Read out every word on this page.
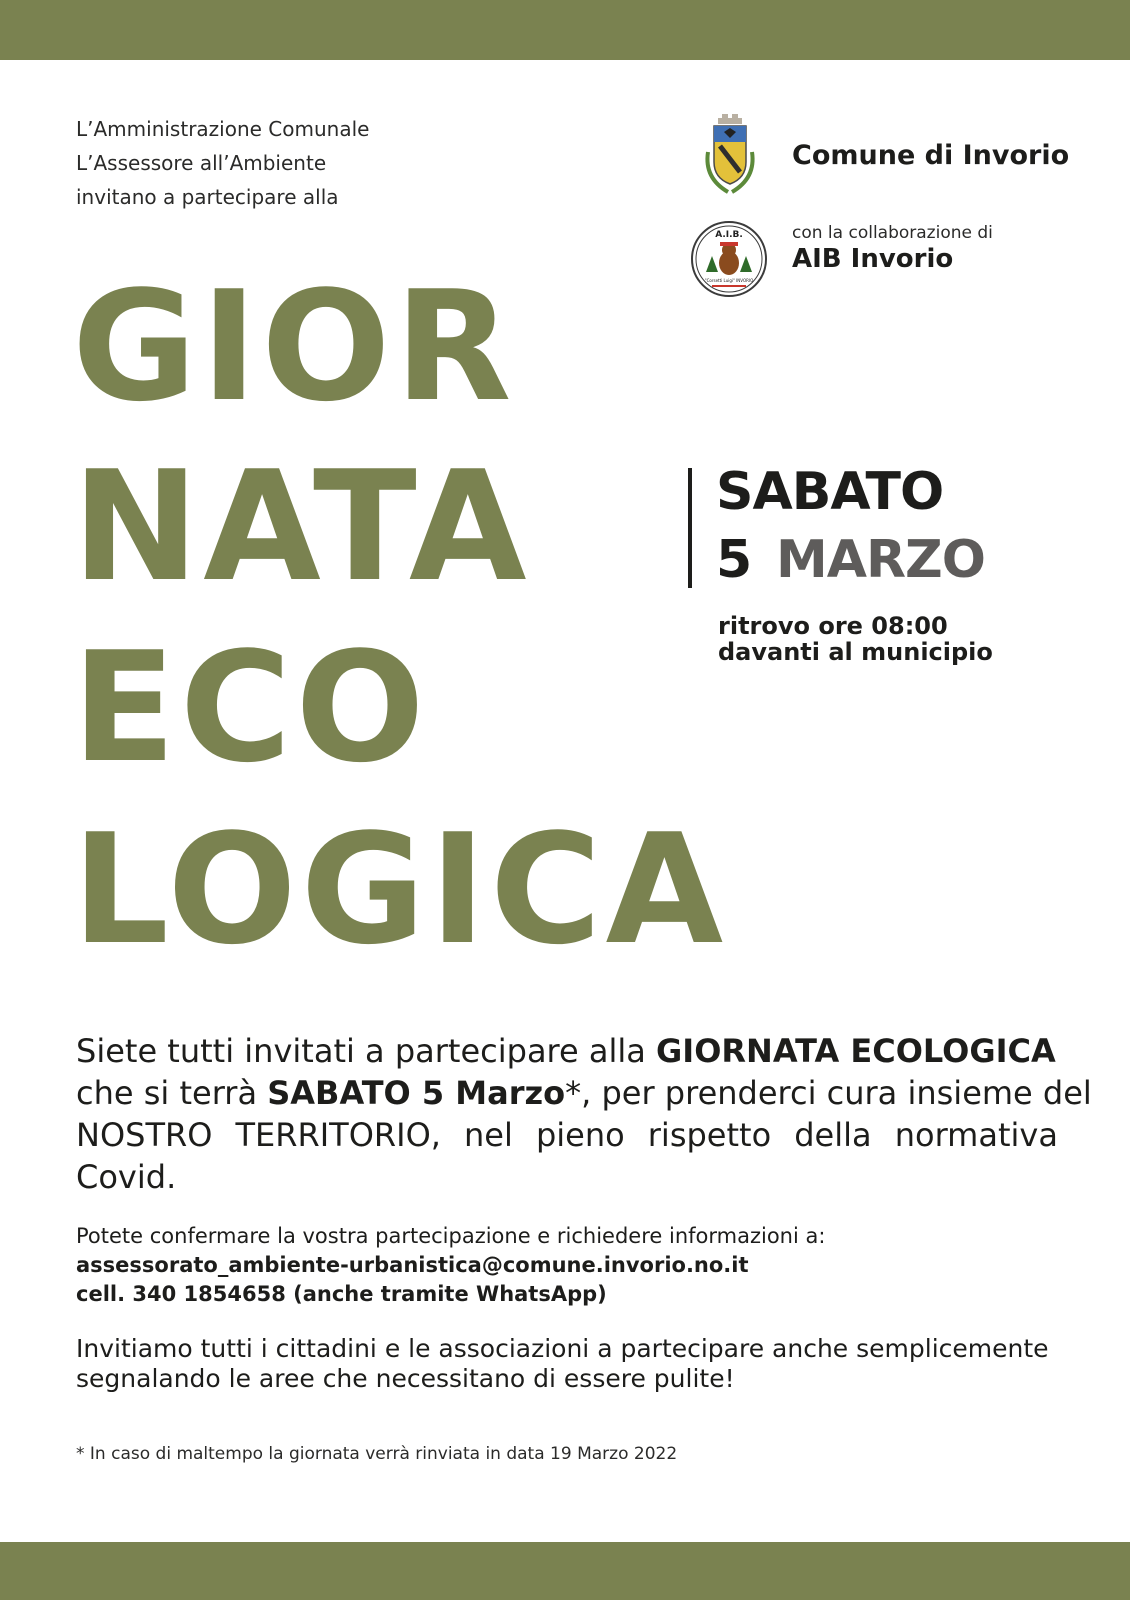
L’Amministrazione Comunale
L’Assessore all’Ambiente
invitano a partecipare alla
Comune di Invorio
A.I.B.
"Corsetti Luigi" INVORIO
con la collaborazione di
AIB Invorio
GIOR
NATA
ECO
LOGICA
SABATO
5 MARZO
ritrovo ore 08:00
davanti al municipio
Siete tutti invitati a partecipare alla GIORNATA ECOLOGICA
che si terrà SABATO 5 Marzo*, per prenderci cura insieme del
NOSTRO TERRITORIO, nel pieno rispetto della normativa
Covid.
Potete confermare la vostra partecipazione e richiedere informazioni a:
assessorato_ambiente-urbanistica@comune.invorio.no.it
cell. 340 1854658 (anche tramite WhatsApp)
Invitiamo tutti i cittadini e le associazioni a partecipare anche semplicemente
segnalando le aree che necessitano di essere pulite!
* In caso di maltempo la giornata verrà rinviata in data 19 Marzo 2022
